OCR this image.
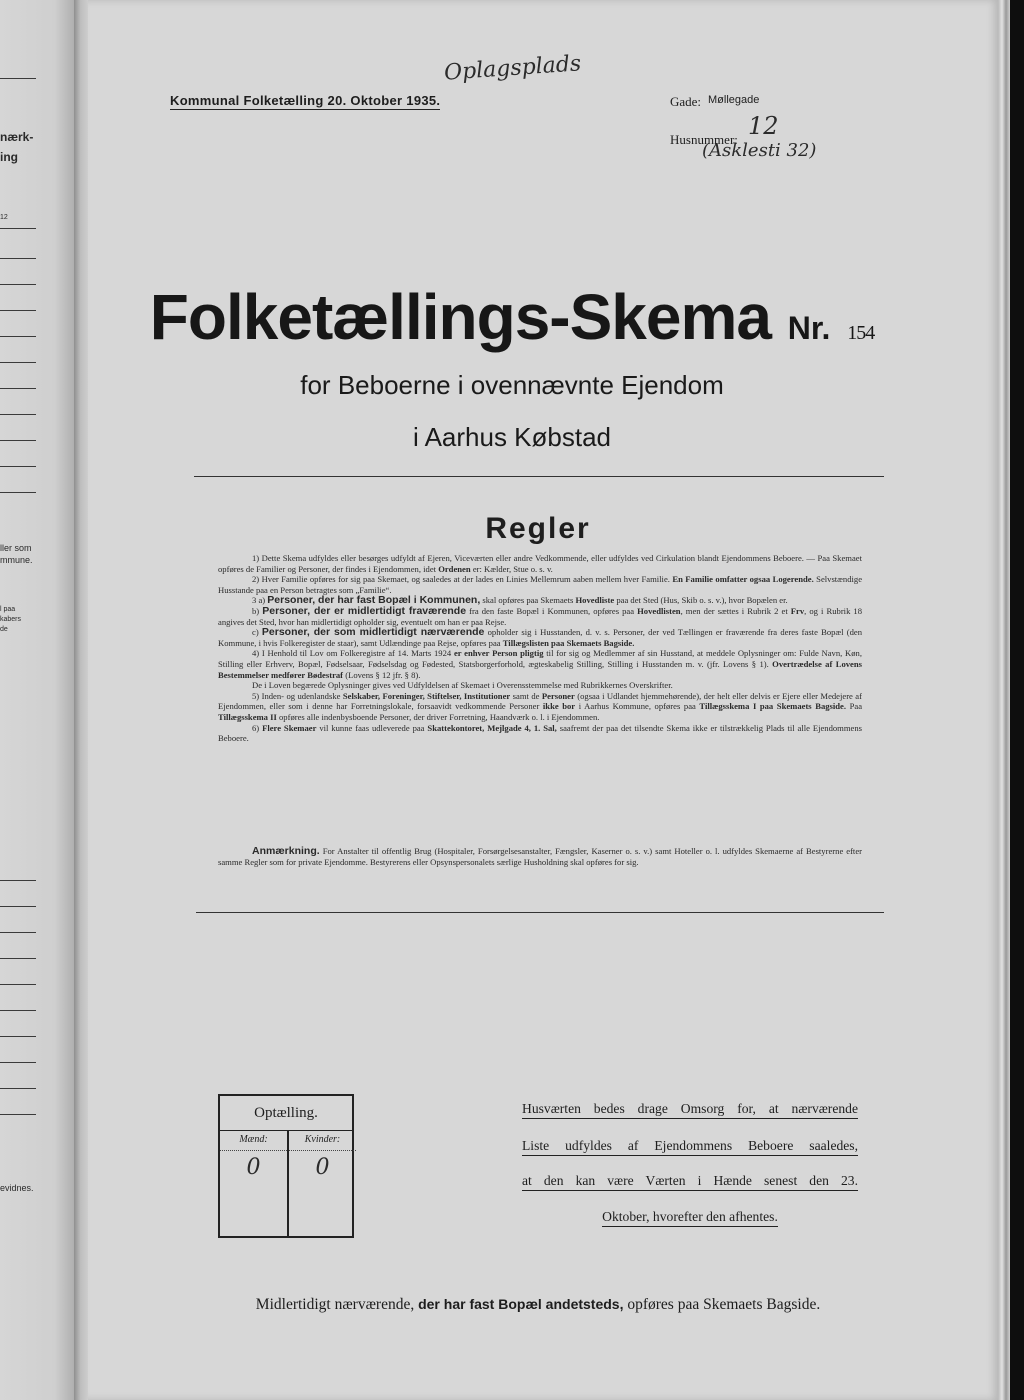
nærk-
ing
12
ller som
mmune.
l paa
kabers
de
evidnes.
Kommunal Folketælling 20. Oktober 1935.
Oplagsplads
Gade: Møllegade
Husnummer: 12
(Asklesti 32)
Folketællings-Skema Nr. 154
for Beboerne i ovennævnte Ejendom
i Aarhus Købstad
Regler

1) Dette Skema udfyldes eller besørges udfyldt af Ejeren, Viceværten eller andre Vedkommende, eller udfyldes ved Cirkulation blandt Ejendommens Beboere. — Paa Skemaet opføres de Familier og Personer, der findes i Ejendommen, idet Ordenen er: Kælder, Stue o. s. v.

2) Hver Familie opføres for sig paa Skemaet, og saaledes at der lades en Linies Mellemrum aaben mellem hver Familie. En Familie omfatter ogsaa Logerende. Selvstændige Husstande paa en Person betragtes som „Familie“.

3 a) Personer, der har fast Bopæl i Kommunen, skal opføres paa Skemaets Hovedliste paa det Sted (Hus, Skib o. s. v.), hvor Bopælen er.

b) Personer, der er midlertidigt fraværende fra den faste Bopæl i Kommunen, opføres paa Hovedlisten, men der sættes i Rubrik 2 et Frv, og i Rubrik 18 angives det Sted, hvor han midlertidigt opholder sig, eventuelt om han er paa Rejse.

c) Personer, der som midlertidigt nærværende opholder sig i Husstanden, d. v. s. Personer, der ved Tællingen er fraværende fra deres faste Bopæl (den Kommune, i hvis Folkeregister de staar), samt Udlændinge paa Rejse, opføres paa Tillægslisten paa Skemaets Bagside.

4) I Henhold til Lov om Folkeregistre af 14. Marts 1924 er enhver Person pligtig til for sig og Medlemmer af sin Husstand, at meddele Oplysninger om: Fulde Navn, Køn, Stilling eller Erhverv, Bopæl, Fødselsaar, Fødselsdag og Fødested, Statsborgerforhold, ægteskabelig Stilling, Stilling i Husstanden m. v. (jfr. Lovens § 1). Overtrædelse af Lovens Bestemmelser medfører Bødestraf (Lovens § 12 jfr. § 8).

De i Loven begærede Oplysninger gives ved Udfyldelsen af Skemaet i Overensstemmelse med Rubrikkernes Overskrifter.

5) Inden- og udenlandske Selskaber, Foreninger, Stiftelser, Institutioner samt de Personer (ogsaa i Udlandet hjemmehørende), der helt eller delvis er Ejere eller Medejere af Ejendommen, eller som i denne har Forretningslokale, forsaavidt vedkommende Personer ikke bor i Aarhus Kommune, opføres paa Tillægsskema I paa Skemaets Bagside. Paa Tillægsskema II opføres alle indenbysboende Personer, der driver Forretning, Haandværk o. l. i Ejendommen.

6) Flere Skemaer vil kunne faas udleverede paa Skattekontoret, Mejlgade 4, 1. Sal, saafremt der paa det tilsendte Skema ikke er tilstrækkelig Plads til alle Ejendommens Beboere.

Anmærkning. For Anstalter til offentlig Brug (Hospitaler, Forsørgelsesanstalter, Fængsler, Kaserner o. s. v.) samt Hoteller o. l. udfyldes Skemaerne af Bestyrerne efter samme Regler som for private Ejendomme. Bestyrerens eller Opsynspersonalets særlige Husholdning skal opføres for sig.

Optælling.
Mænd:
0
Kvinder:
0
Husværten bedes drage Omsorg for, at nærværende
Liste udfyldes af Ejendommens Beboere saaledes,
at den kan være Værten i Hænde senest den 23.
Oktober, hvorefter den afhentes.
Midlertidigt nærværende, der har fast Bopæl andetsteds, opføres paa Skemaets Bagside.
